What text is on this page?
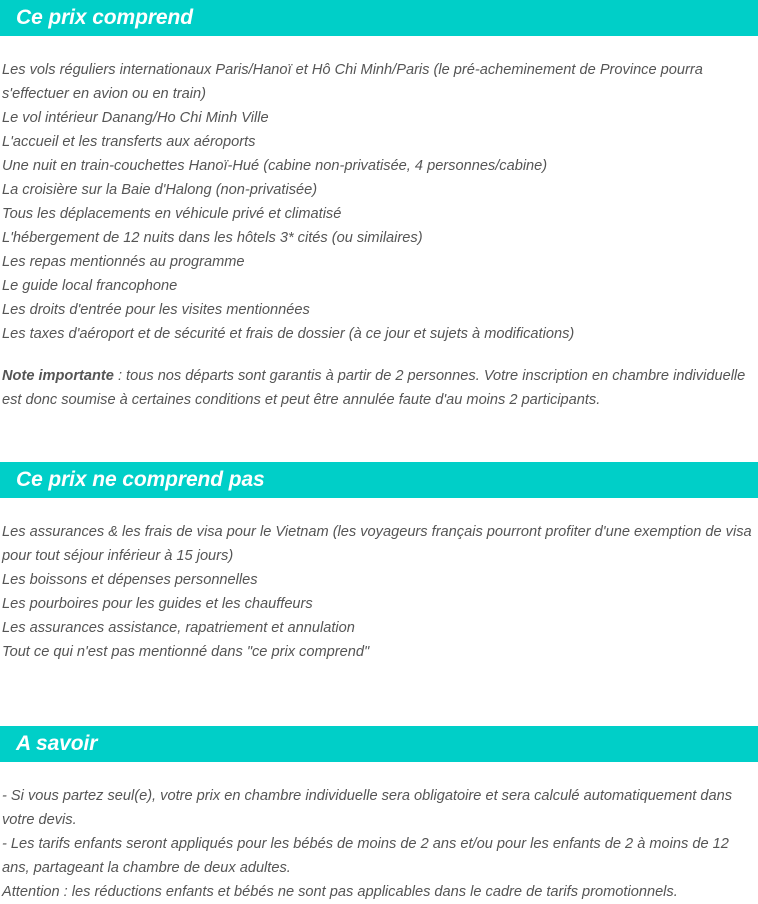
Ce prix comprend
Les vols réguliers internationaux Paris/Hanoï et Hô Chi Minh/Paris (le pré-acheminement de Province pourra s'effectuer en avion ou en train)
Le vol intérieur Danang/Ho Chi Minh Ville
L'accueil et les transferts aux aéroports
Une nuit en train-couchettes Hanoï-Hué (cabine non-privatisée, 4 personnes/cabine)
La croisière sur la Baie d'Halong (non-privatisée)
Tous les déplacements en véhicule privé et climatisé
L'hébergement de 12 nuits dans les hôtels 3* cités (ou similaires)
Les repas mentionnés au programme
Le guide local francophone
Les droits d'entrée pour les visites mentionnées
Les taxes d'aéroport et de sécurité et frais de dossier (à ce jour et sujets à modifications)

Note importante : tous nos départs sont garantis à partir de 2 personnes. Votre inscription en chambre individuelle est donc soumise à certaines conditions et peut être annulée faute d'au moins 2 participants.

Ce prix ne comprend pas
Les assurances & les frais de visa pour le Vietnam (les voyageurs français pourront profiter d'une exemption de visa pour tout séjour inférieur à 15 jours)
Les boissons et dépenses personnelles
Les pourboires pour les guides et les chauffeurs
Les assurances assistance, rapatriement et annulation
Tout ce qui n'est pas mentionné dans "ce prix comprend"
A savoir
- Si vous partez seul(e), votre prix en chambre individuelle sera obligatoire et sera calculé automatiquement dans votre devis.
- Les tarifs enfants seront appliqués pour les bébés de moins de 2 ans et/ou pour les enfants de 2 à moins de 12 ans, partageant la chambre de deux adultes.
Attention : les réductions enfants et bébés ne sont pas applicables dans le cadre de tarifs promotionnels.
